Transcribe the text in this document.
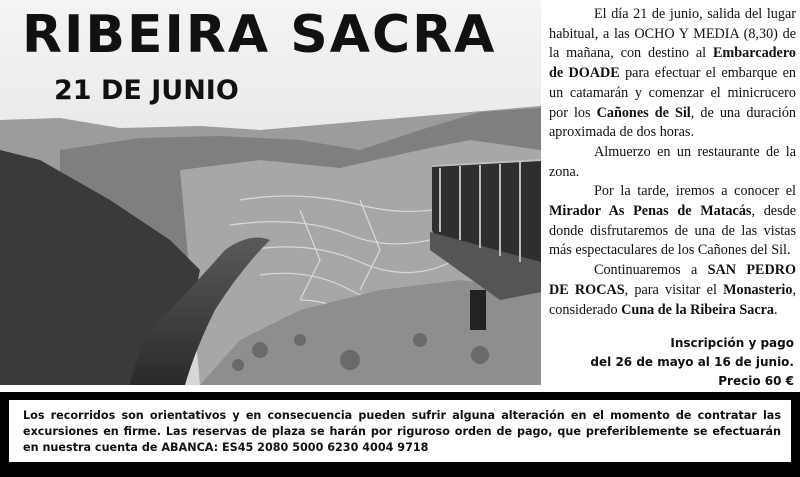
RIBEIRA SACRA
21 DE JUNIO

El día 21 de junio, salida del lugar habitual, a las OCHO Y MEDIA (8,30) de la mañana, con destino al Embarcadero de DOADE para efectuar el embarque en un catamarán y comenzar el minicrucero por los Cañones de Sil, de una duración aproximada de dos horas.

Almuerzo en un restaurante de la zona.

Por la tarde, iremos a conocer el Mirador As Penas de Matacás, desde donde disfrutaremos de una de las vistas más espectaculares de los Cañones del Sil.

Continuaremos a SAN PEDRO DE ROCAS, para visitar el Monasterio, considerado Cuna de la Ribeira Sacra.

Inscripción y pago
del 26 de mayo al 16 de junio.
Precio 60 €
Los recorridos son orientativos y en consecuencia pueden sufrir alguna alteración en el momento de contratar las excursiones en firme. Las reservas de plaza se harán por riguroso orden de pago, que preferiblemente se efectuarán en nuestra cuenta de ABANCA: ES45 2080 5000 6230 4004 9718
